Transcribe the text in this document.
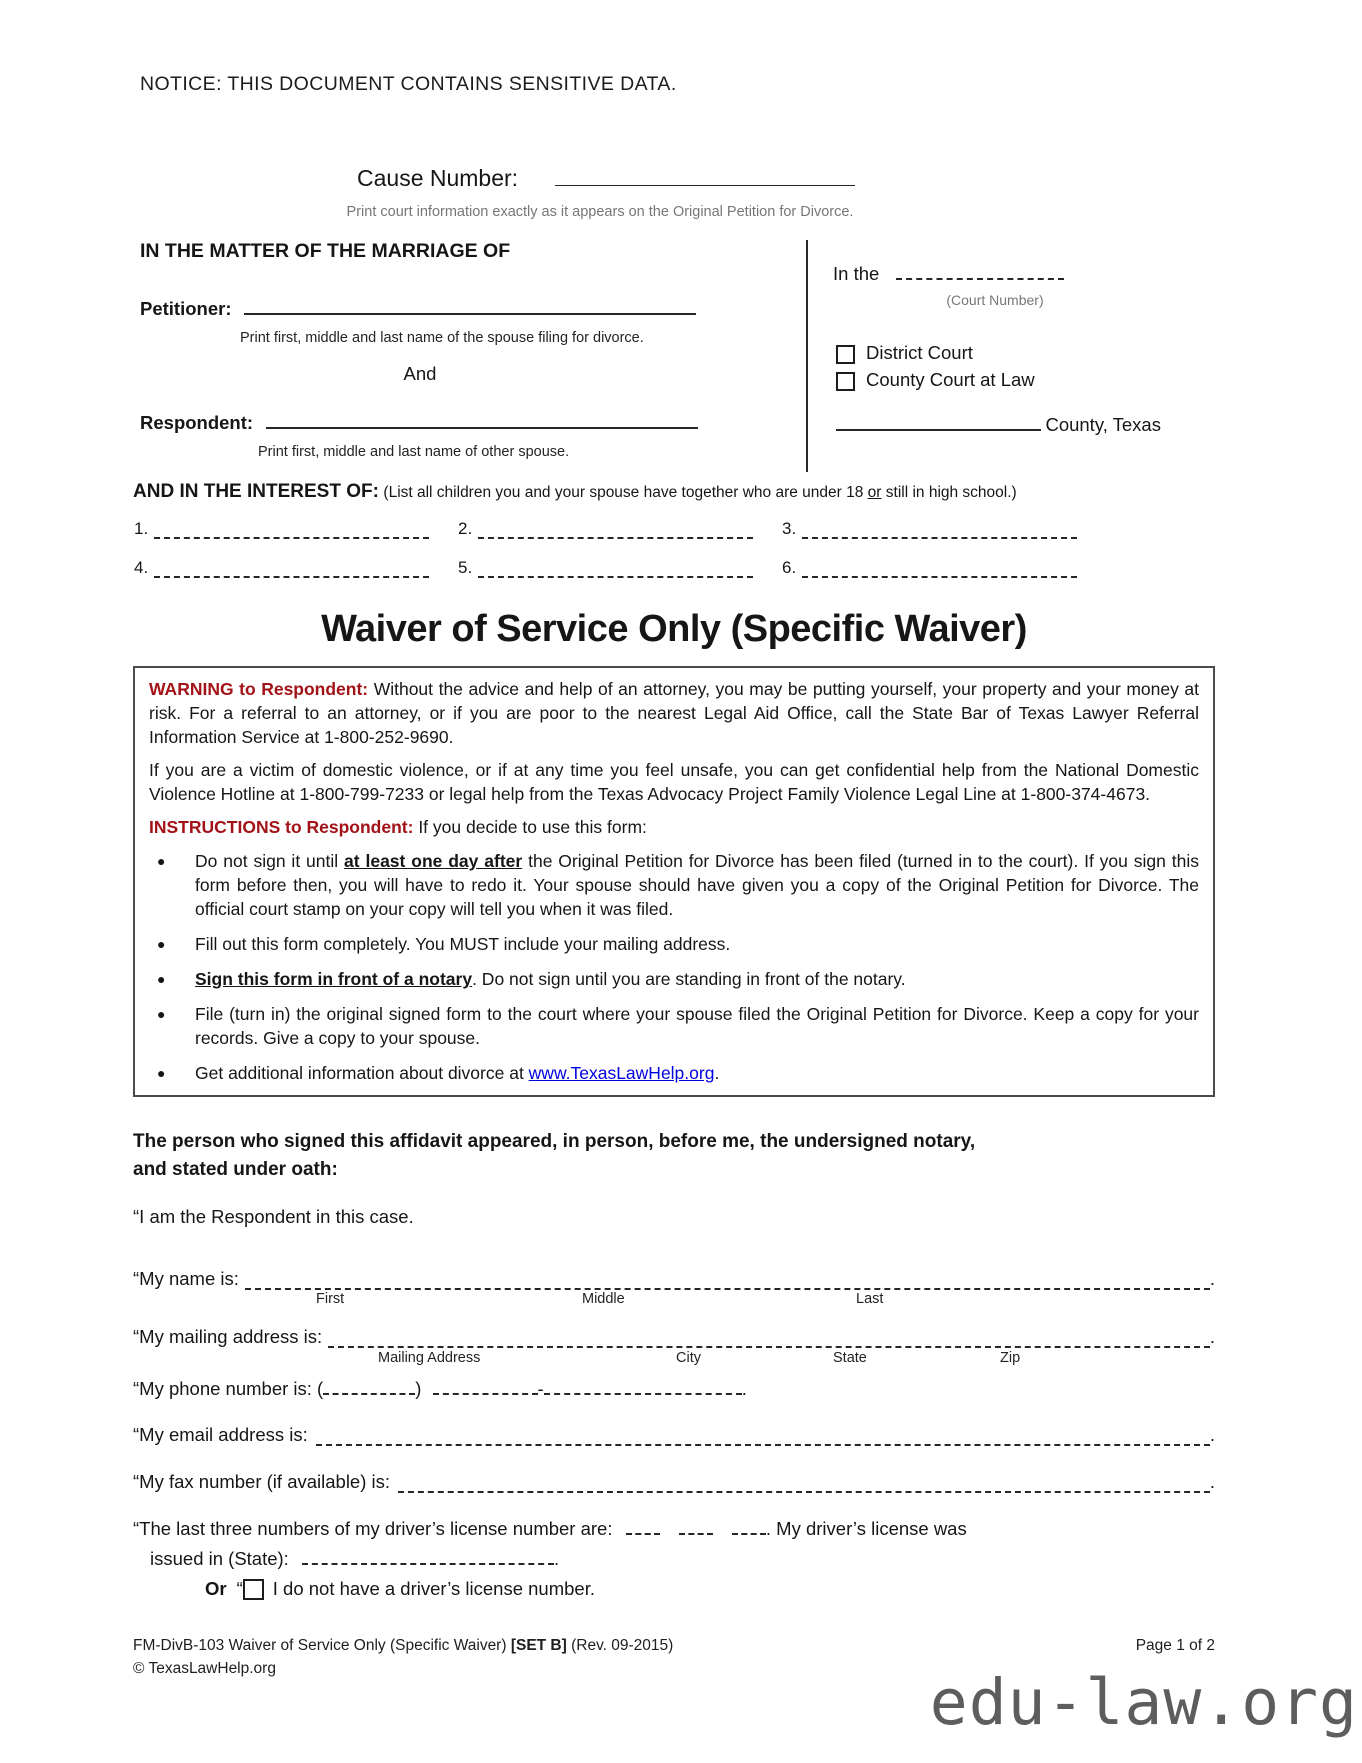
NOTICE: THIS DOCUMENT CONTAINS SENSITIVE DATA.
Cause Number:
Print court information exactly as it appears on the Original Petition for Divorce.
IN THE MATTER OF THE MARRIAGE OF
Petitioner:
Print first, middle and last name of the spouse filing for divorce.
And
Respondent:
Print first, middle and last name of other spouse.
In the
(Court Number)
District Court
County Court at Law
County, Texas
AND IN THE INTEREST OF: (List all children you and your spouse have together who are under 18 or still in high school.)
1.	2.	3.
4.	5.	6.
Waiver of Service Only (Specific Waiver)

WARNING to Respondent: Without the advice and help of an attorney, you may be putting yourself, your property and your money at risk. For a referral to an attorney, or if you are poor to the nearest Legal Aid Office, call the State Bar of Texas Lawyer Referral Information Service at 1-800-252-9690.

If you are a victim of domestic violence, or if at any time you feel unsafe, you can get confidential help from the National Domestic Violence Hotline at 1-800-799-7233 or legal help from the Texas Advocacy Project Family Violence Legal Line at 1-800-374-4673.

INSTRUCTIONS to Respondent: If you decide to use this form:

● Do not sign it until at least one day after the Original Petition for Divorce has been filed (turned in to the court). If you sign this form before then, you will have to redo it. Your spouse should have given you a copy of the Original Petition for Divorce. The official court stamp on your copy will tell you when it was filed.
● Fill out this form completely. You MUST include your mailing address.
● Sign this form in front of a notary. Do not sign until you are standing in front of the notary.
● File (turn in) the original signed form to the court where your spouse filed the Original Petition for Divorce. Keep a copy for your records. Give a copy to your spouse.
● Get additional information about divorce at www.TexasLawHelp.org.
The person who signed this affidavit appeared, in person, before me, the undersigned notary,
and stated under oath:
“I am the Respondent in this case.
“My name is:	.
First	Middle	Last
“My mailing address is:	.
Mailing Address	City	State	Zip
“My phone number is: (	)	-	.
“My email address is:	.
“My fax number (if available) is:	.
“The last three numbers of my driver’s license number are:	. My driver’s license was
issued in (State):	.
Or “ I do not have a driver’s license number.
FM-DivB-103 Waiver of Service Only (Specific Waiver) [SET B] (Rev. 09-2015)
© TexasLawHelp.org
Page 1 of 2
edu-law.org
